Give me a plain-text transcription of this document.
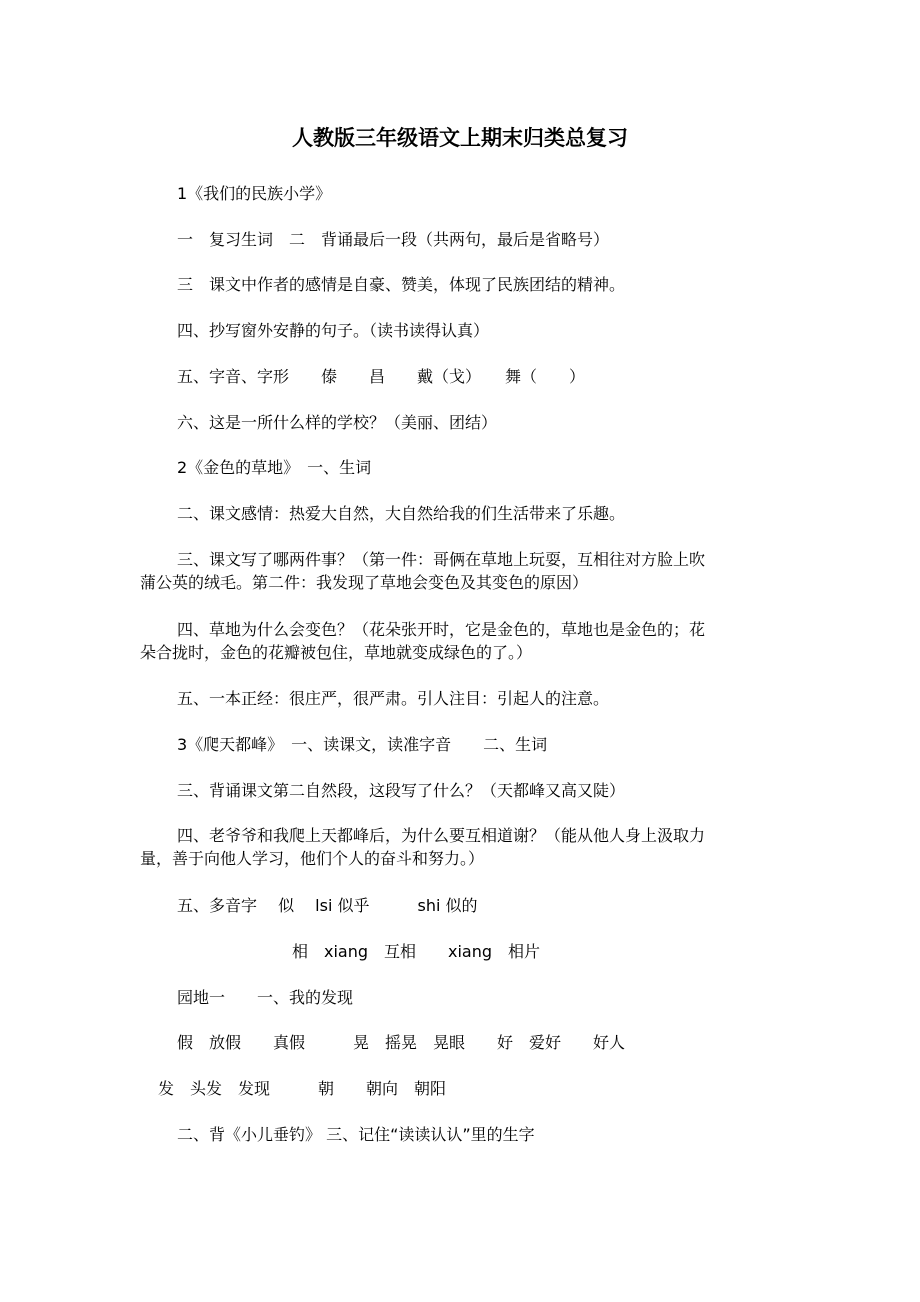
人教版三年级语文上期末归类总复习
1《我们的民族小学》
一　复习生词　二　背诵最后一段（共两句，最后是省略号）
三　课文中作者的感情是自豪、赞美，体现了民族团结的精神。
四、抄写窗外安静的句子。（读书读得认真）
五、字音、字形　　傣　　昌　　戴（戈）　　舞（　　）
六、这是一所什么样的学校？（美丽、团结）
2《金色的草地》　一、生词
二、课文感情：热爱大自然，大自然给我的们生活带来了乐趣。
三、课文写了哪两件事？（第一件：哥俩在草地上玩耍，互相往对方脸上吹
蒲公英的绒毛。第二件：我发现了草地会变色及其变色的原因）
四、草地为什么会变色？（花朵张开时，它是金色的，草地也是金色的；花
朵合拢时，金色的花瓣被包住，草地就变成绿色的了。）
五、一本正经：很庄严，很严肃。引人注目：引起人的注意。
3《爬天都峰》　一、读课文，读准字音　　二、生词
三、背诵课文第二自然段，这段写了什么？（天都峰又高又陡）
四、老爷爷和我爬上天都峰后，为什么要互相道谢？（能从他人身上汲取力
量，善于向他人学习，他们个人的奋斗和努力。）
五、多音字　 似　 lsi 似乎　　　shi 似的
相　xiang　互相　　xiang　相片
园地一　　一、我的发现
假　放假　　真假　　　晃　摇晃　晃眼　　好　爱好　　好人
发　头发　发现　　　朝　　朝向　朝阳
二、背《小儿垂钓》 三、记住“读读认认”里的生字
